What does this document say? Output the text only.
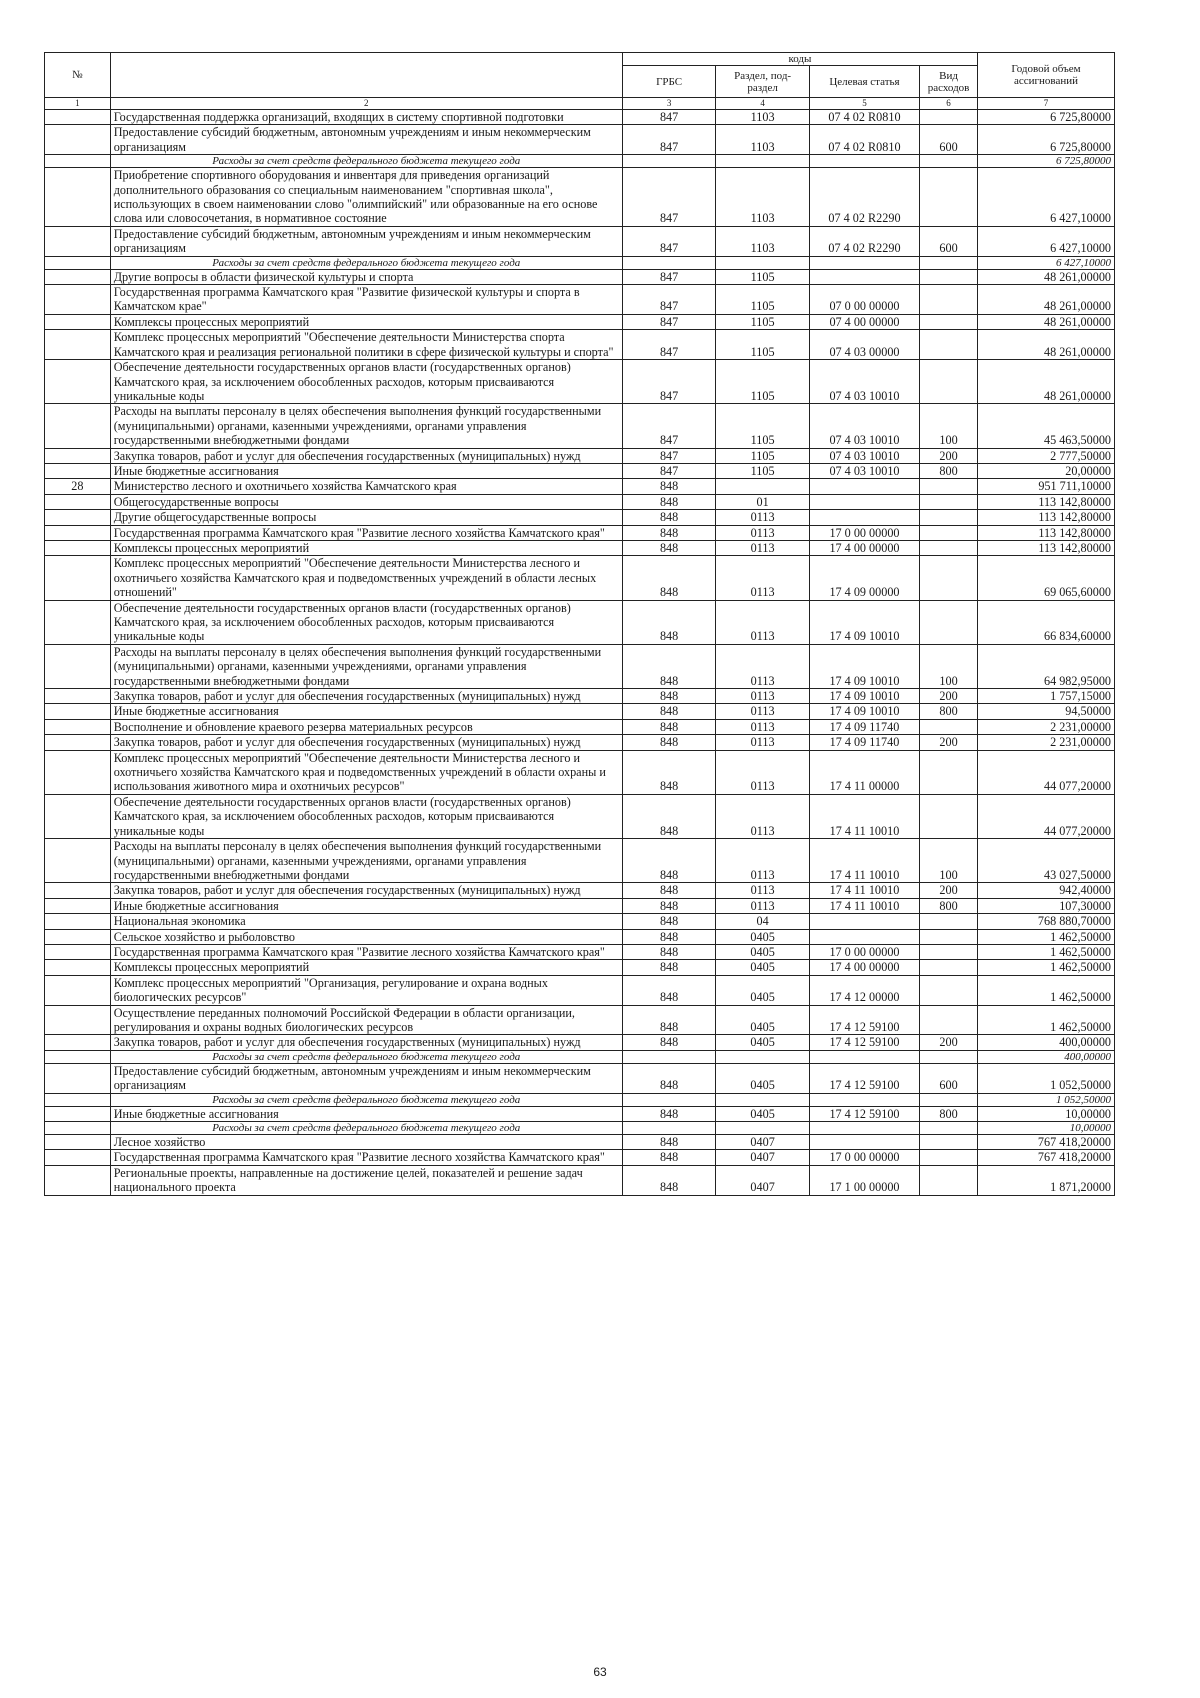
№		коды				Годовой объем ассигнований
		ГРБС	Раздел, под-раздел	Целевая статья	Вид расходов	
1	2	3	4	5	6	7
	Государственная поддержка организаций, входящих в систему спортивной подготовки	847	1103	07 4 02 R0810		6 725,80000
	Предоставление субсидий бюджетным, автономным учреждениям и иным некоммерческим организациям	847	1103	07 4 02 R0810	600	6 725,80000
	Расходы за счет средств федерального бюджета текущего года					6 725,80000
	Приобретение спортивного оборудования и инвентаря для приведения организаций дополнительного образования со специальным наименованием "спортивная школа", использующих в своем наименовании слово "олимпийский" или образованные на его основе слова или словосочетания, в нормативное состояние	847	1103	07 4 02 R2290		6 427,10000
	Предоставление субсидий бюджетным, автономным учреждениям и иным некоммерческим организациям	847	1103	07 4 02 R2290	600	6 427,10000
	Расходы за счет средств федерального бюджета текущего года					6 427,10000
	Другие вопросы в области физической культуры и спорта	847	1105			48 261,00000
	Государственная программа Камчатского края "Развитие физической культуры и спорта в Камчатском крае"	847	1105	07 0 00 00000		48 261,00000
	Комплексы процессных мероприятий	847	1105	07 4 00 00000		48 261,00000
	Комплекс процессных мероприятий "Обеспечение деятельности Министерства спорта Камчатского края и реализация региональной политики в сфере физической культуры и спорта"	847	1105	07 4 03 00000		48 261,00000
	Обеспечение деятельности государственных органов власти (государственных органов) Камчатского края, за исключением обособленных расходов, которым присваиваются уникальные коды	847	1105	07 4 03 10010		48 261,00000
	Расходы на выплаты персоналу в целях обеспечения выполнения функций государственными (муниципальными) органами, казенными учреждениями, органами управления государственными внебюджетными фондами	847	1105	07 4 03 10010	100	45 463,50000
	Закупка товаров, работ и услуг для обеспечения государственных (муниципальных) нужд	847	1105	07 4 03 10010	200	2 777,50000
	Иные бюджетные ассигнования	847	1105	07 4 03 10010	800	20,00000
28	Министерство лесного и охотничьего хозяйства Камчатского края	848				951 711,10000
	Общегосударственные вопросы	848	01			113 142,80000
	Другие общегосударственные вопросы	848	0113			113 142,80000
	Государственная программа Камчатского края "Развитие лесного хозяйства Камчатского края"	848	0113	17 0 00 00000		113 142,80000
	Комплексы процессных мероприятий	848	0113	17 4 00 00000		113 142,80000
	Комплекс процессных мероприятий "Обеспечение деятельности Министерства лесного и охотничьего хозяйства Камчатского края и подведомственных учреждений в области лесных отношений"	848	0113	17 4 09 00000		69 065,60000
	Обеспечение деятельности государственных органов власти (государственных органов) Камчатского края, за исключением обособленных расходов, которым присваиваются уникальные коды	848	0113	17 4 09 10010		66 834,60000
	Расходы на выплаты персоналу в целях обеспечения выполнения функций государственными (муниципальными) органами, казенными учреждениями, органами управления государственными внебюджетными фондами	848	0113	17 4 09 10010	100	64 982,95000
	Закупка товаров, работ и услуг для обеспечения государственных (муниципальных) нужд	848	0113	17 4 09 10010	200	1 757,15000
	Иные бюджетные ассигнования	848	0113	17 4 09 10010	800	94,50000
	Восполнение и обновление краевого резерва материальных ресурсов	848	0113	17 4 09 11740		2 231,00000
	Закупка товаров, работ и услуг для обеспечения государственных (муниципальных) нужд	848	0113	17 4 09 11740	200	2 231,00000
	Комплекс процессных мероприятий "Обеспечение деятельности Министерства лесного и охотничьего хозяйства Камчатского края и подведомственных учреждений в области охраны и использования животного мира и охотничьих ресурсов"	848	0113	17 4 11 00000		44 077,20000
	Обеспечение деятельности государственных органов власти (государственных органов) Камчатского края, за исключением обособленных расходов, которым присваиваются уникальные коды	848	0113	17 4 11 10010		44 077,20000
	Расходы на выплаты персоналу в целях обеспечения выполнения функций государственными (муниципальными) органами, казенными учреждениями, органами управления государственными внебюджетными фондами	848	0113	17 4 11 10010	100	43 027,50000
	Закупка товаров, работ и услуг для обеспечения государственных (муниципальных) нужд	848	0113	17 4 11 10010	200	942,40000
	Иные бюджетные ассигнования	848	0113	17 4 11 10010	800	107,30000
	Национальная экономика	848	04			768 880,70000
	Сельское хозяйство и рыболовство	848	0405			1 462,50000
	Государственная программа Камчатского края "Развитие лесного хозяйства Камчатского края"	848	0405	17 0 00 00000		1 462,50000
	Комплексы процессных мероприятий	848	0405	17 4 00 00000		1 462,50000
	Комплекс процессных мероприятий "Организация, регулирование и охрана водных биологических ресурсов"	848	0405	17 4 12 00000		1 462,50000
	Осуществление переданных полномочий Российской Федерации в области организации, регулирования и охраны водных биологических ресурсов	848	0405	17 4 12 59100		1 462,50000
	Закупка товаров, работ и услуг для обеспечения государственных (муниципальных) нужд	848	0405	17 4 12 59100	200	400,00000
	Расходы за счет средств федерального бюджета текущего года					400,00000
	Предоставление субсидий бюджетным, автономным учреждениям и иным некоммерческим организациям	848	0405	17 4 12 59100	600	1 052,50000
	Расходы за счет средств федерального бюджета текущего года					1 052,50000
	Иные бюджетные ассигнования	848	0405	17 4 12 59100	800	10,00000
	Расходы за счет средств федерального бюджета текущего года					10,00000
	Лесное хозяйство	848	0407			767 418,20000
	Государственная программа Камчатского края "Развитие лесного хозяйства Камчатского края"	848	0407	17 0 00 00000		767 418,20000
	Региональные проекты, направленные на достижение целей, показателей и решение задач национального проекта	848	0407	17 1 00 00000		1 871,20000
63
